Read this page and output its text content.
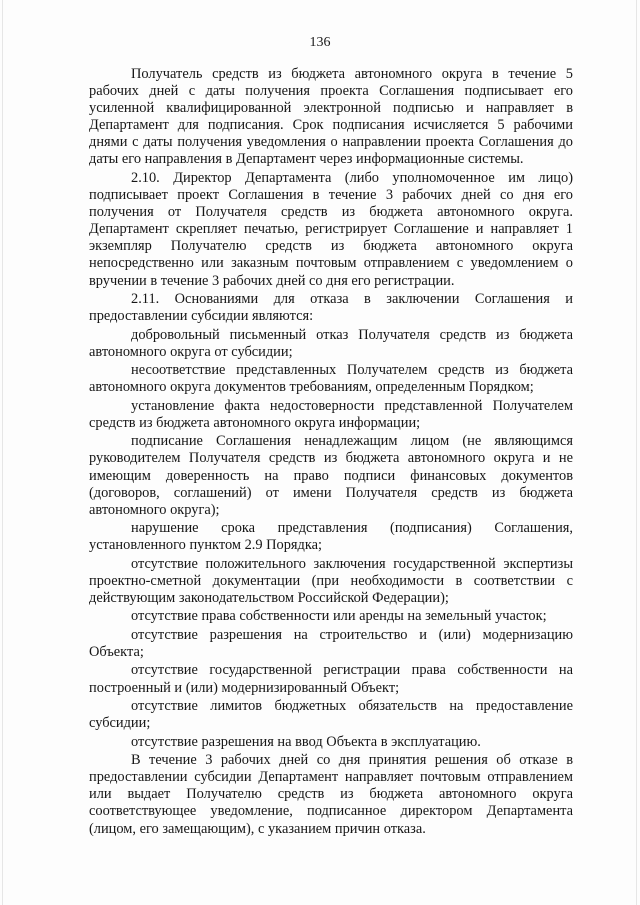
136

Получатель средств из бюджета автономного округа в течение 5 рабочих дней с даты получения проекта Соглашения подписывает его усиленной квалифицированной электронной подписью и направляет в Департамент для подписания. Срок подписания исчисляется 5 рабочими днями с даты получения уведомления о направлении проекта Соглашения до даты его направления в Департамент через информационные системы.

2.10. Директор Департамента (либо уполномоченное им лицо) подписывает проект Соглашения в течение 3 рабочих дней со дня его получения от Получателя средств из бюджета автономного округа. Департамент скрепляет печатью, регистрирует Соглашение и направляет 1 экземпляр Получателю средств из бюджета автономного округа непосредственно или заказным почтовым отправлением с уведомлением о вручении в течение 3 рабочих дней со дня его регистрации.

2.11. Основаниями для отказа в заключении Соглашения и предоставлении субсидии являются:

добровольный письменный отказ Получателя средств из бюджета автономного округа от субсидии;

несоответствие представленных Получателем средств из бюджета автономного округа документов требованиям, определенным Порядком;

установление факта недостоверности представленной Получателем средств из бюджета автономного округа информации;

подписание Соглашения ненадлежащим лицом (не являющимся руководителем Получателя средств из бюджета автономного округа и не имеющим доверенность на право подписи финансовых документов (договоров, соглашений) от имени Получателя средств из бюджета автономного округа);

нарушение срока представления (подписания) Соглашения, установленного пунктом 2.9 Порядка;

отсутствие положительного заключения государственной экспертизы проектно-сметной документации (при необходимости в соответствии с действующим законодательством Российской Федерации);

отсутствие права собственности или аренды на земельный участок;

отсутствие разрешения на строительство и (или) модернизацию Объекта;

отсутствие государственной регистрации права собственности на построенный и (или) модернизированный Объект;

отсутствие лимитов бюджетных обязательств на предоставление субсидии;

отсутствие разрешения на ввод Объекта в эксплуатацию.

В течение 3 рабочих дней со дня принятия решения об отказе в предоставлении субсидии Департамент направляет почтовым отправлением или выдает Получателю средств из бюджета автономного округа соответствующее уведомление, подписанное директором Департамента (лицом, его замещающим), с указанием причин отказа.
